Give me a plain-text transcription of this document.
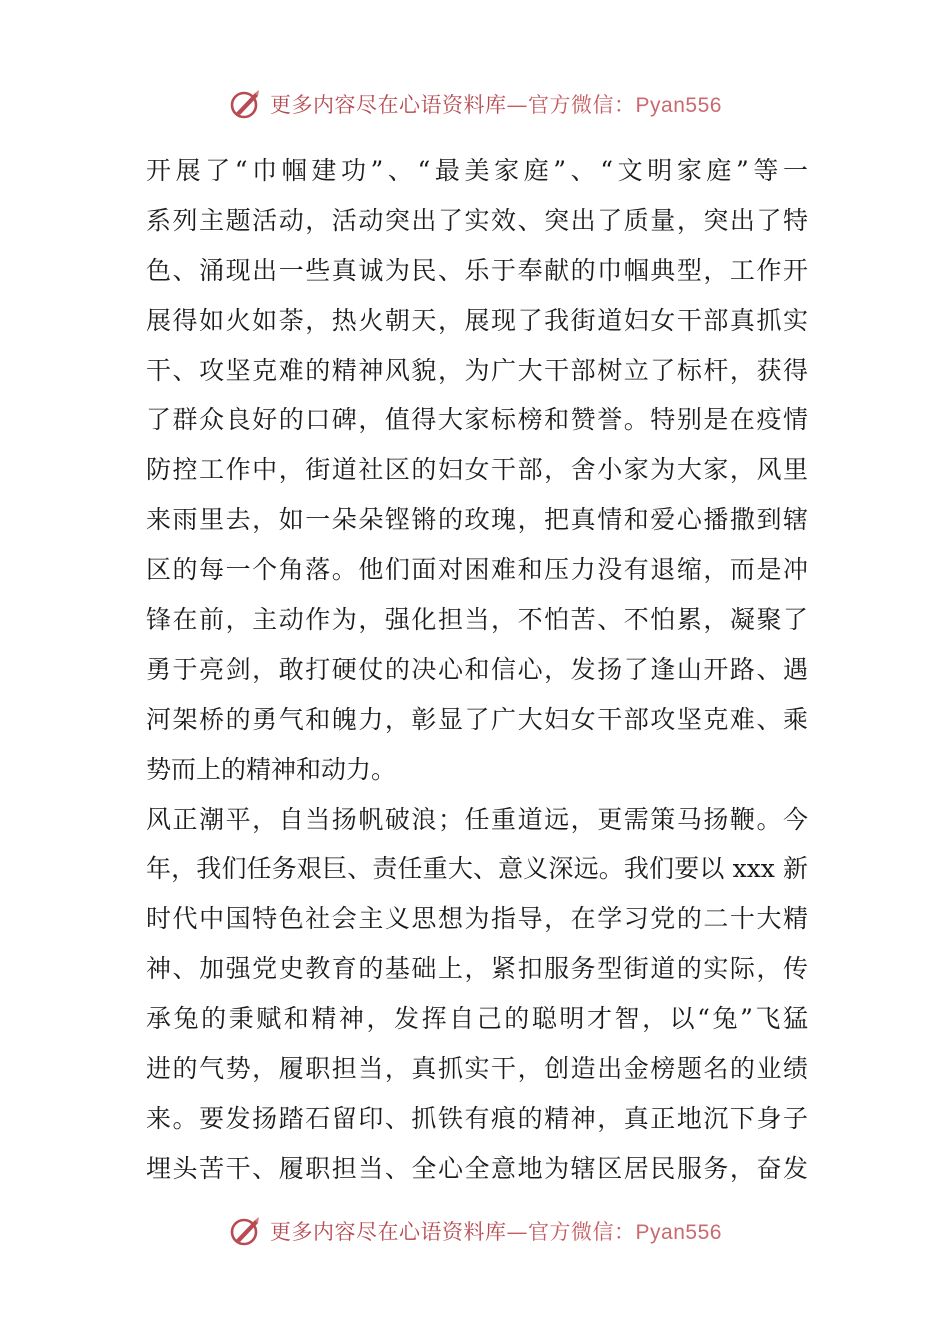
更多内容尽在心语资料库—官方微信：Pyan556
开展了“巾帼建功”、“最美家庭”、“文明家庭”等一
系列主题活动，活动突出了实效、突出了质量，突出了特
色、涌现出一些真诚为民、乐于奉献的巾帼典型，工作开
展得如火如荼，热火朝天，展现了我街道妇女干部真抓实
干、攻坚克难的精神风貌，为广大干部树立了标杆，获得
了群众良好的口碑，值得大家标榜和赞誉。特别是在疫情
防控工作中，街道社区的妇女干部，舍小家为大家，风里
来雨里去，如一朵朵铿锵的玫瑰，把真情和爱心播撒到辖
区的每一个角落。他们面对困难和压力没有退缩，而是冲
锋在前，主动作为，强化担当，不怕苦、不怕累，凝聚了
勇于亮剑，敢打硬仗的决心和信心，发扬了逢山开路、遇
河架桥的勇气和魄力，彰显了广大妇女干部攻坚克难、乘
势而上的精神和动力。
风正潮平，自当扬帆破浪；任重道远，更需策马扬鞭。今
年，我们任务艰巨、责任重大、意义深远。我们要以 xxx 新
时代中国特色社会主义思想为指导，在学习党的二十大精
神、加强党史教育的基础上，紧扣服务型街道的实际，传
承兔的秉赋和精神，发挥自己的聪明才智，以“兔”飞猛
进的气势，履职担当，真抓实干，创造出金榜题名的业绩
来。要发扬踏石留印、抓铁有痕的精神，真正地沉下身子
埋头苦干、履职担当、全心全意地为辖区居民服务，奋发
更多内容尽在心语资料库—官方微信：Pyan556
